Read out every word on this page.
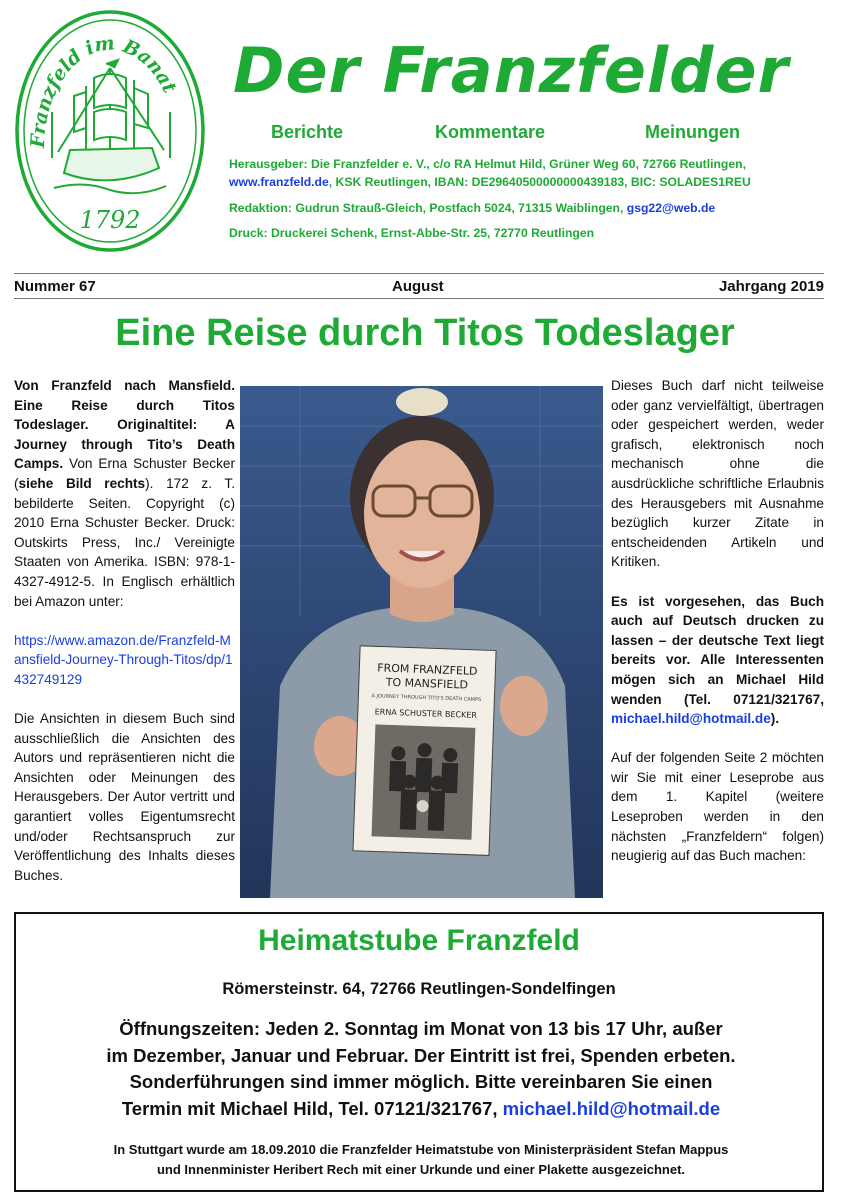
Franzfeld im Banat
1792
Der Franzfelder
Berichte	Kommentare	Meinungen
Herausgeber: Die Franzfelder e. V., c/o RA Helmut Hild, Grüner Weg 60, 72766 Reutlingen,
www.franzfeld.de, KSK Reutlingen, IBAN: DE29640500000000439183, BIC: SOLADES1REU
Redaktion: Gudrun Strauß-Gleich, Postfach 5024, 71315 Waiblingen, gsg22@web.de
Druck: Druckerei Schenk, Ernst-Abbe-Str. 25, 72770 Reutlingen
Nummer 67	August	Jahrgang 2019
Eine Reise durch Titos Todeslager

Von Franzfeld nach Mansfield. Eine Reise durch Titos Todeslager. Originaltitel: A Journey through Tito’s Death Camps. Von Erna Schuster Becker (siehe Bild rechts). 172 z. T. bebilderte Seiten. Copyright (c) 2010 Erna Schuster Becker. Druck: Outskirts Press, Inc./ Vereinigte Staaten von Amerika. ISBN: 978-1-4327-4912-5. In Englisch erhältlich bei Amazon unter:

https://www.amazon.de/Franzfeld-Mansfield-Journey-Through-Titos/dp/1432749129

Die Ansichten in diesem Buch sind ausschließlich die Ansichten des Autors und repräsentieren nicht die Ansichten oder Meinungen des Herausgebers. Der Autor vertritt und garantiert volles Eigentumsrecht und/oder Rechtsanspruch zur Veröffentlichung des Inhalts dieses Buches.

FROM FRANZFELD
TO MANSFIELD
A JOURNEY THROUGH TITO'S DEATH CAMPS
ERNA SCHUSTER BECKER

Dieses Buch darf nicht teilweise oder ganz vervielfältigt, übertragen oder gespeichert werden, weder grafisch, elektronisch noch mechanisch ohne die ausdrückliche schriftliche Erlaubnis des Herausgebers mit Ausnahme bezüglich kurzer Zitate in entscheidenden Artikeln und Kritiken.

Es ist vorgesehen, das Buch auch auf Deutsch drucken zu lassen – der deutsche Text liegt bereits vor. Alle Interessenten mögen sich an Michael Hild wenden (Tel. 07121/321767, michael.hild@hotmail.de).

Auf der folgenden Seite 2 möchten wir Sie mit einer Leseprobe aus dem 1. Kapitel (weitere Leseproben werden in den nächsten „Franzfeldern“ folgen) neugierig auf das Buch machen:

Heimatstube Franzfeld
Römersteinstr. 64, 72766 Reutlingen-Sondelfingen
Öffnungszeiten: Jeden 2. Sonntag im Monat von 13 bis 17 Uhr, außer
im Dezember, Januar und Februar. Der Eintritt ist frei, Spenden erbeten.
Sonderführungen sind immer möglich. Bitte vereinbaren Sie einen
Termin mit Michael Hild, Tel. 07121/321767, michael.hild@hotmail.de
In Stuttgart wurde am 18.09.2010 die Franzfelder Heimatstube von Ministerpräsident Stefan Mappus
und Innenminister Heribert Rech mit einer Urkunde und einer Plakette ausgezeichnet.
